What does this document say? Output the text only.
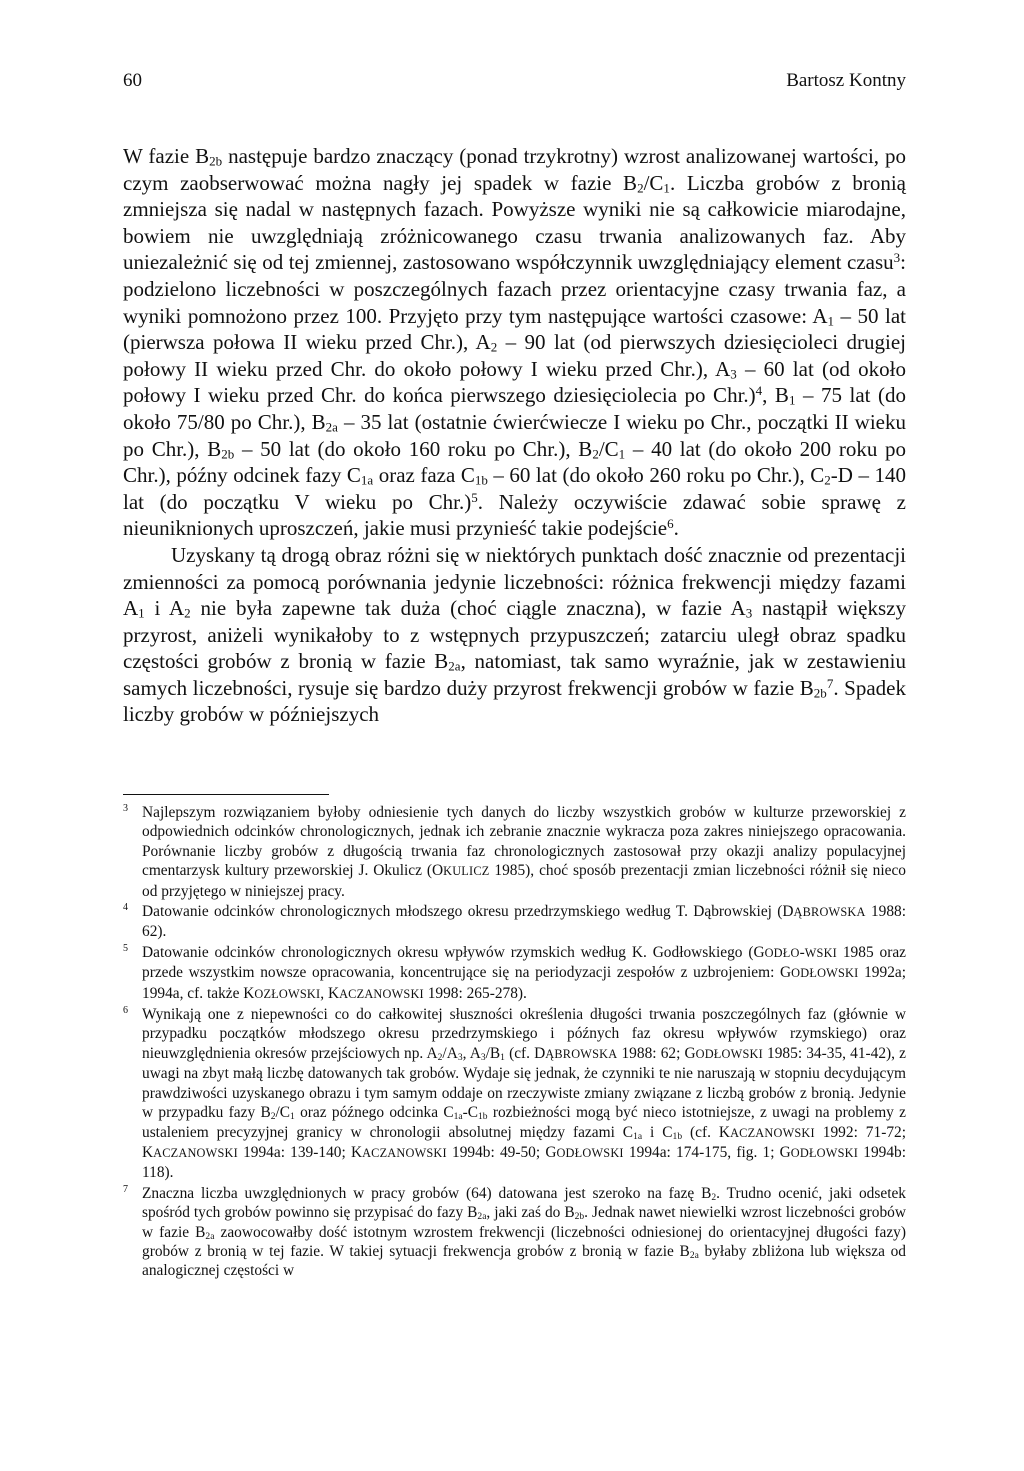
60	Bartosz Kontny

W fazie $B_{2b}$ następuje bardzo znaczący (ponad trzykrotny) wzrost analizowanej wartości, po czym zaobserwować można nagły jej spadek w fazie $B_2/C_1$. Liczba grobów z bronią zmniejsza się nadal w następnych fazach. Powyższe wyniki nie są całkowicie miarodajne, bowiem nie uwzględniają zróżnicowanego czasu trwania analizowanych faz. Aby uniezależnić się od tej zmiennej, zastosowano współczynnik uwzględniający element czasu$^3$: podzielono liczebności w poszczególnych fazach przez orientacyjne czasy trwania faz, a wyniki pomnożono przez 100. Przyjęto przy tym następujące wartości czasowe: $A_1 - 50$ lat (pierwsza połowa II wieku przed Chr.), $A_2 - 90$ lat (od pierwszych dziesięcioleci drugiej połowy II wieku przed Chr. do około połowy I wieku przed Chr.), $A_3 - 60$ lat (od około połowy I wieku przed Chr. do końca pierwszego dziesięciolecia po Chr.)$^4$, $B_1 - 75$ lat (do około 75/80 po Chr.), $B_{2a} - 35$ lat (ostatnie ćwierćwiecze I wieku po Chr., początki II wieku po Chr.), $B_{2b} - 50$ lat (do około 160 roku po Chr.), $B_2/C_1 - 40$ lat (do około 200 roku po Chr.), późny odcinek fazy $C_{1a}$ oraz faza $C_{1b} - 60$ lat (do około 260 roku po Chr.), $C_2-D - 140$ lat (do początku V wieku po Chr.)$^5$. Należy oczywiście zdawać sobie sprawę z nieuniknionych uproszczeń, jakie musi przynieść takie podejście$^6$.

Uzyskany tą drogą obraz różni się w niektórych punktach dość znacznie od prezentacji zmienności za pomocą porównania jedynie liczebności: różnica frekwencji między fazami $A_1$ i $A_2$ nie była zapewne tak duża (choć ciągle znaczna), w fazie $A_3$ nastąpił większy przyrost, aniżeli wynikałoby to z wstępnych przypuszczeń; zatarciu uległ obraz spadku częstości grobów z bronią w fazie $B_{2a}$, natomiast, tak samo wyraźnie, jak w zestawieniu samych liczebności, rysuje się bardzo duży przyrost frekwencji grobów w fazie $B_{2b}^7$. Spadek liczby grobów w późniejszych

3 Najlepszym rozwiązaniem byłoby odniesienie tych danych do liczby wszystkich grobów w kulturze przeworskiej z odpowiednich odcinków chronologicznych, jednak ich zebranie znacznie wykracza poza zakres niniejszego opracowania. Porównanie liczby grobów z długością trwania faz chronologicznych zastosował przy okazji analizy populacyjnej cmentarzysk kultury przeworskiej J. Okulicz (OKULICZ 1985), choć sposób prezentacji zmian liczebności różnił się nieco od przyjętego w niniejszej pracy.
4 Datowanie odcinków chronologicznych młodszego okresu przedrzymskiego według T. Dąbrowskiej (DĄBROWSKA 1988: 62).
5 Datowanie odcinków chronologicznych okresu wpływów rzymskich według K. Godłowskiego (GODŁO-WSKI 1985 oraz przede wszystkim nowsze opracowania, koncentrujące się na periodyzacji zespołów z uzbrojeniem: GODŁOWSKI 1992a; 1994a, cf. także KOZŁOWSKI, KACZANOWSKI 1998: 265-278).
6 Wynikają one z niepewności co do całkowitej słuszności określenia długości trwania poszczególnych faz (głównie w przypadku początków młodszego okresu przedrzymskiego i późnych faz okresu wpływów rzymskiego) oraz nieuwzględnienia okresów przejściowych np. $A_2/A_3$, $A_3/B_1$ (cf. DĄBROWSKA 1988: 62; GODŁOWSKI 1985: 34-35, 41-42), z uwagi na zbyt małą liczbę datowanych tak grobów. Wydaje się jednak, że czynniki te nie naruszają w stopniu decydującym prawdziwości uzyskanego obrazu i tym samym oddaje on rzeczywiste zmiany związane z liczbą grobów z bronią. Jedynie w przypadku fazy $B_2/C_1$ oraz późnego odcinka $C_{1a}-C_{1b}$ rozbieżności mogą być nieco istotniejsze, z uwagi na problemy z ustaleniem precyzyjnej granicy w chronologii absolutnej między fazami $C_{1a}$ i $C_{1b}$ (cf. KACZANOWSKI 1992: 71-72; KACZANOWSKI 1994a: 139-140; KACZANOWSKI 1994b: 49-50; GODŁOWSKI 1994a: 174-175, fig. 1; GODŁOWSKI 1994b: 118).
7 Znaczna liczba uwzględnionych w pracy grobów (64) datowana jest szeroko na fazę $B_2$. Trudno ocenić, jaki odsetek spośród tych grobów powinno się przypisać do fazy $B_{2a}$, jaki zaś do $B_{2b}$. Jednak nawet niewielki wzrost liczebności grobów w fazie $B_{2a}$ zaowocowałby dość istotnym wzrostem frekwencji (liczebności odniesionej do orientacyjnej długości fazy) grobów z bronią w tej fazie. W takiej sytuacji frekwencja grobów z bronią w fazie $B_{2a}$ byłaby zbliżona lub większa od analogicznej częstości w
